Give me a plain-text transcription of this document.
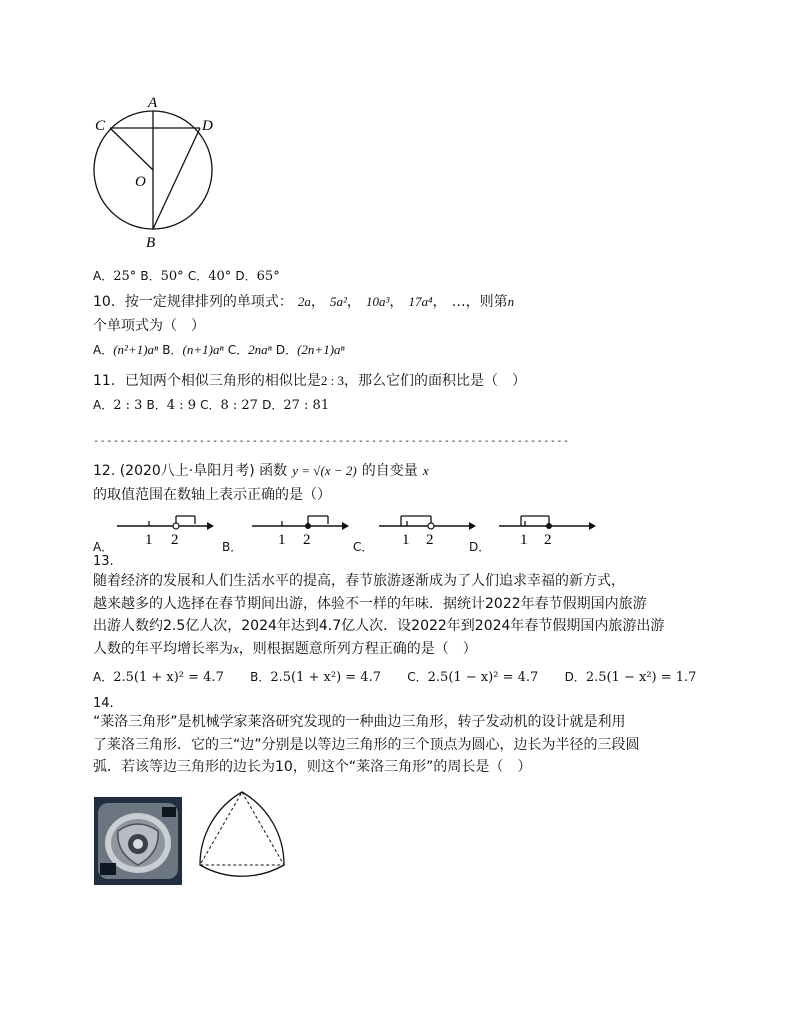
A
C	D
O
B
A．25° B．50° C．40° D．65°
10．按一定规律排列的单项式： 2a， 5a²， 10a³， 17a⁴， …，则第n
个单项式为（　）
A．(n²+1)aⁿ B．(n+1)aⁿ C．2naⁿ D．(2n+1)aⁿ
11．已知两个相似三角形的相似比是2 : 3，那么它们的面积比是（　）
A．2 : 3 B．4 : 9 C．8 : 27 D．27 : 81
------------------------------------------------------------------------
12. (2020八上·阜阳月考) 函数 y = √(x − 2) 的自变量 x
的取值范围在数轴上表示正确的是（）
A． 1 2	B． 1 2	C． 1 2	D． 1 2
13.
随着经济的发展和人们生活水平的提高，春节旅游逐渐成为了人们追求幸福的新方式，
越来越多的人选择在春节期间出游，体验不一样的年味．据统计2022年春节假期国内旅游
出游人数约2.5亿人次，2024年达到4.7亿人次．设2022年到2024年春节假期国内旅游出游
人数的年平均增长率为x，则根据题意所列方程正确的是（　）
A．2.5(1 + x)² = 4.7 B．2.5(1 + x²) = 4.7 C．2.5(1 − x)² = 4.7 D．2.5(1 − x²) = 1.7
14.
“莱洛三角形”是机械学家莱洛研究发现的一种曲边三角形，转子发动机的设计就是利用
了莱洛三角形．它的三“边”分别是以等边三角形的三个顶点为圆心，边长为半径的三段圆
弧．若该等边三角形的边长为10，则这个“莱洛三角形”的周长是（　）
